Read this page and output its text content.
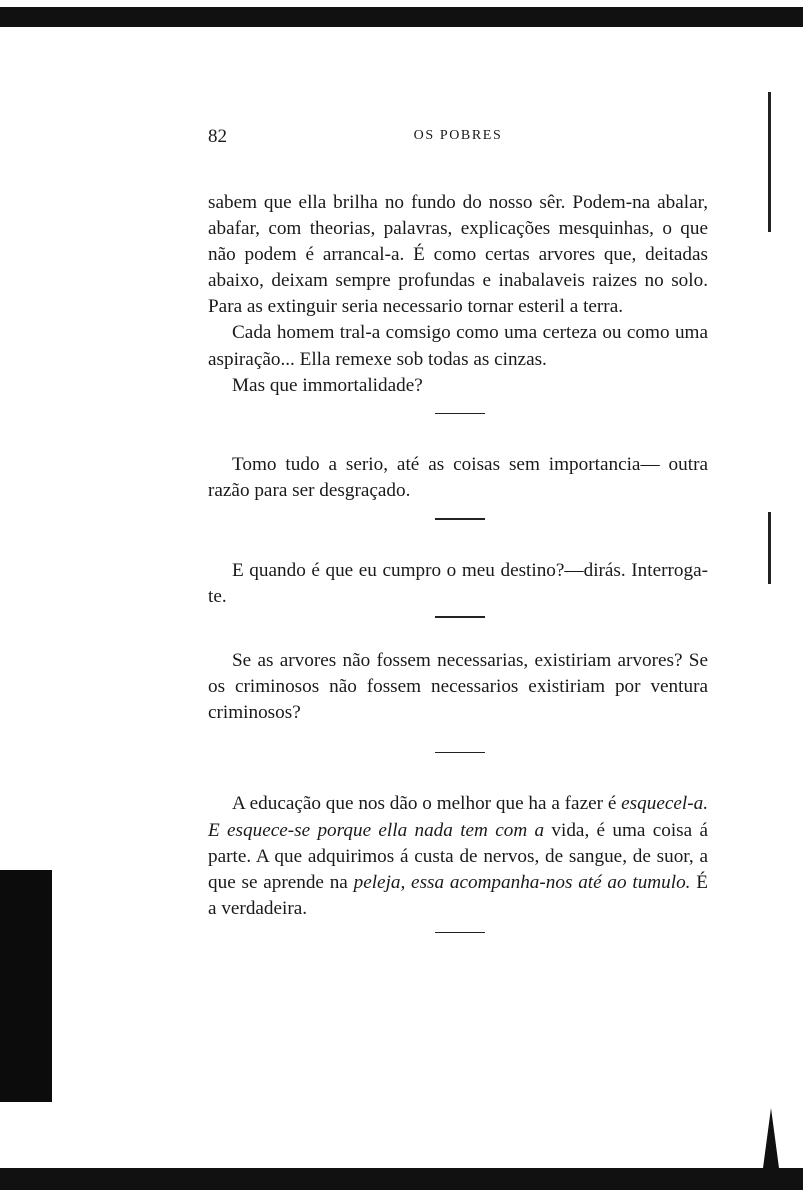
82	OS POBRES

sabem que ella brilha no fundo do nosso sêr. Podem-na abalar, abafar, com theorias, palavras, explicações mesquinhas, o que não podem é arrancal-a. É como certas arvores que, deitadas abaixo, deixam sempre profundas e inabalaveis raizes no solo. Para as extinguir seria necessario tornar esteril a terra.

Cada homem tral-a comsigo como uma certeza ou como uma aspiração... Ella remexe sob todas as cinzas.

Mas que immortalidade?

Tomo tudo a serio, até as coisas sem importancia— outra razão para ser desgraçado.

E quando é que eu cumpro o meu destino?—dirás. Interroga-te.

Se as arvores não fossem necessarias, existiriam arvores? Se os criminosos não fossem necessarios existiriam por ventura criminosos?

A educação que nos dão o melhor que ha a fazer é esquecel-a. E esquece-se porque ella nada tem com a vida, é uma coisa á parte. A que adquirimos á custa de nervos, de sangue, de suor, a que se aprende na peleja, essa acompanha-nos até ao tumulo. É a verdadeira.
